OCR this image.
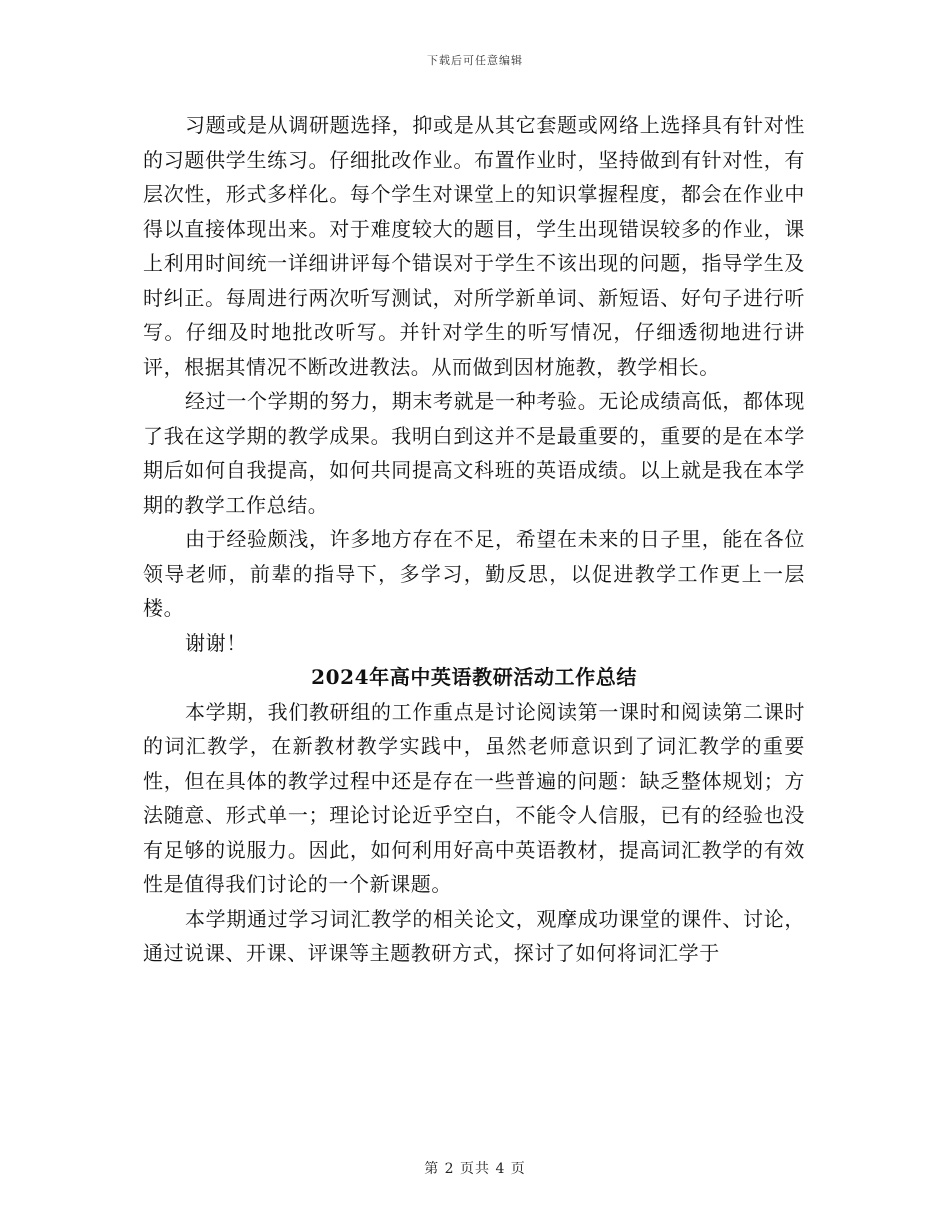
下载后可任意编辑

习题或是从调研题选择，抑或是从其它套题或网络上选择具有针对性的习题供学生练习。仔细批改作业。布置作业时，坚持做到有针对性，有层次性，形式多样化。每个学生对课堂上的知识掌握程度，都会在作业中得以直接体现出来。对于难度较大的题目，学生出现错误较多的作业，课上利用时间统一详细讲评每个错误对于学生不该出现的问题，指导学生及时纠正。每周进行两次听写测试，对所学新单词、新短语、好句子进行听写。仔细及时地批改听写。并针对学生的听写情况，仔细透彻地进行讲评，根据其情况不断改进教法。从而做到因材施教，教学相长。

经过一个学期的努力，期末考就是一种考验。无论成绩高低，都体现了我在这学期的教学成果。我明白到这并不是最重要的，重要的是在本学期后如何自我提高，如何共同提高文科班的英语成绩。以上就是我在本学期的教学工作总结。

由于经验颇浅，许多地方存在不足，希望在未来的日子里，能在各位领导老师，前辈的指导下，多学习，勤反思，以促进教学工作更上一层楼。

谢谢！

2024年高中英语教研活动工作总结

本学期，我们教研组的工作重点是讨论阅读第一课时和阅读第二课时的词汇教学，在新教材教学实践中，虽然老师意识到了词汇教学的重要性，但在具体的教学过程中还是存在一些普遍的问题：缺乏整体规划；方法随意、形式单一；理论讨论近乎空白，不能令人信服，已有的经验也没有足够的说服力。因此，如何利用好高中英语教材，提高词汇教学的有效性是值得我们讨论的一个新课题。

本学期通过学习词汇教学的相关论文，观摩成功课堂的课件、讨论，通过说课、开课、评课等主题教研方式，探讨了如何将词汇学于

第 2 页共 4 页
